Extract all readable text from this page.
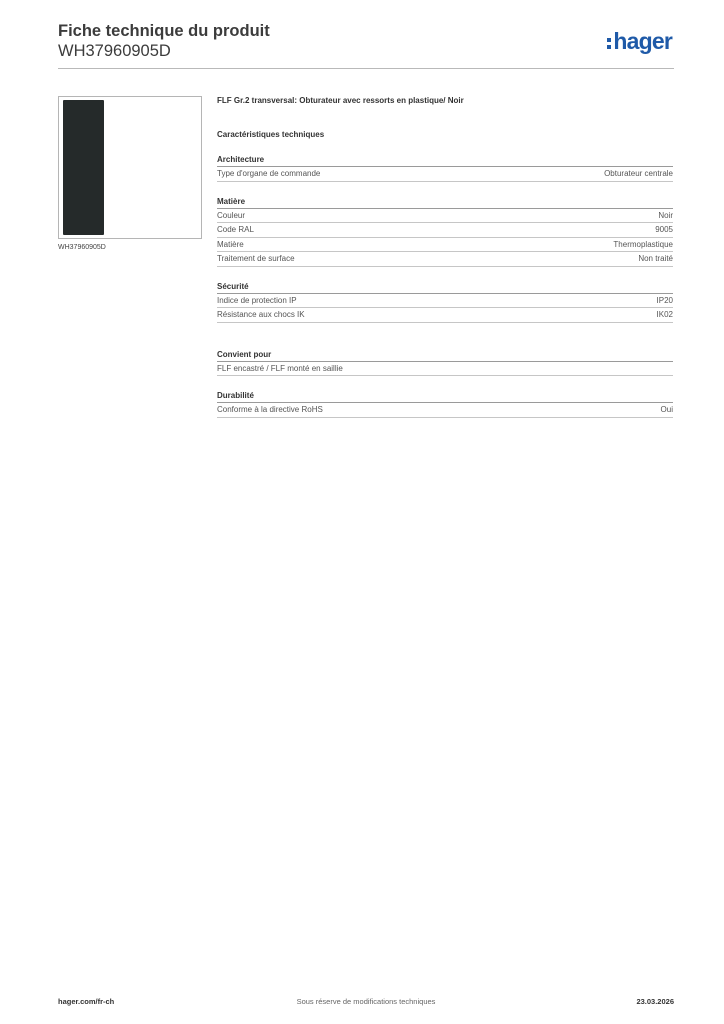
Fiche technique du produit
WH37960905D	hager
WH37960905D
FLF Gr.2 transversal: Obturateur avec ressorts en plastique/ Noir
Caractéristiques techniques
Architecture
Type d'organe de commande	Obturateur centrale
Matière
Couleur	Noir
Code RAL	9005
Matière	Thermoplastique
Traitement de surface	Non traité
Sécurité
Indice de protection IP	IP20
Résistance aux chocs IK	IK02
Convient pour
FLF encastré / FLF monté en saillie
Durabilité
Conforme à la directive RoHS	Oui
hager.com/fr-ch	Sous réserve de modifications techniques	23.03.2026
